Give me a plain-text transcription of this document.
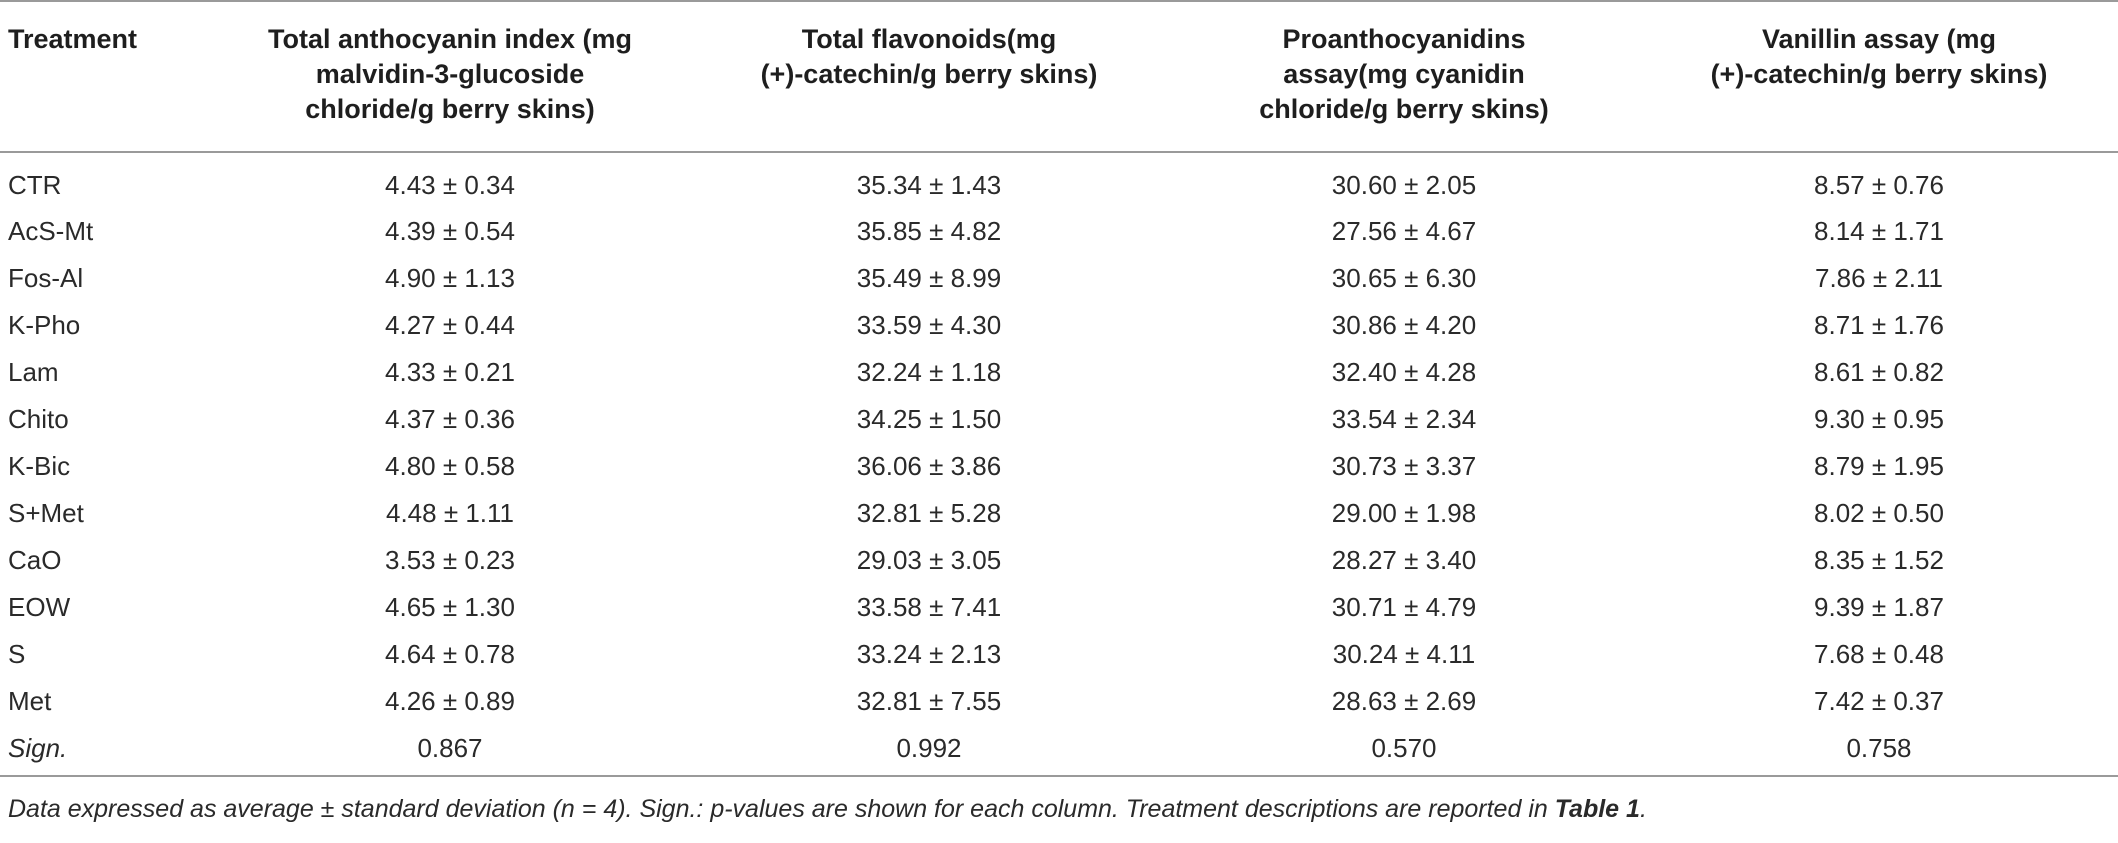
Treatment	Total anthocyanin index (mg
malvidin-3-glucoside
chloride/g berry skins)	Total flavonoids(mg
(+)-catechin/g berry skins)	Proanthocyanidins
assay(mg cyanidin
chloride/g berry skins)	Vanillin assay (mg
(+)-catechin/g berry skins)
CTR	4.43 ± 0.34	35.34 ± 1.43	30.60 ± 2.05	8.57 ± 0.76
AcS-Mt	4.39 ± 0.54	35.85 ± 4.82	27.56 ± 4.67	8.14 ± 1.71
Fos-Al	4.90 ± 1.13	35.49 ± 8.99	30.65 ± 6.30	7.86 ± 2.11
K-Pho	4.27 ± 0.44	33.59 ± 4.30	30.86 ± 4.20	8.71 ± 1.76
Lam	4.33 ± 0.21	32.24 ± 1.18	32.40 ± 4.28	8.61 ± 0.82
Chito	4.37 ± 0.36	34.25 ± 1.50	33.54 ± 2.34	9.30 ± 0.95
K-Bic	4.80 ± 0.58	36.06 ± 3.86	30.73 ± 3.37	8.79 ± 1.95
S+Met	4.48 ± 1.11	32.81 ± 5.28	29.00 ± 1.98	8.02 ± 0.50
CaO	3.53 ± 0.23	29.03 ± 3.05	28.27 ± 3.40	8.35 ± 1.52
EOW	4.65 ± 1.30	33.58 ± 7.41	30.71 ± 4.79	9.39 ± 1.87
S	4.64 ± 0.78	33.24 ± 2.13	30.24 ± 4.11	7.68 ± 0.48
Met	4.26 ± 0.89	32.81 ± 7.55	28.63 ± 2.69	7.42 ± 0.37
Sign.	0.867	0.992	0.570	0.758
Data expressed as average ± standard deviation (n = 4). Sign.: p-values are shown for each column. Treatment descriptions are reported in Table 1.
